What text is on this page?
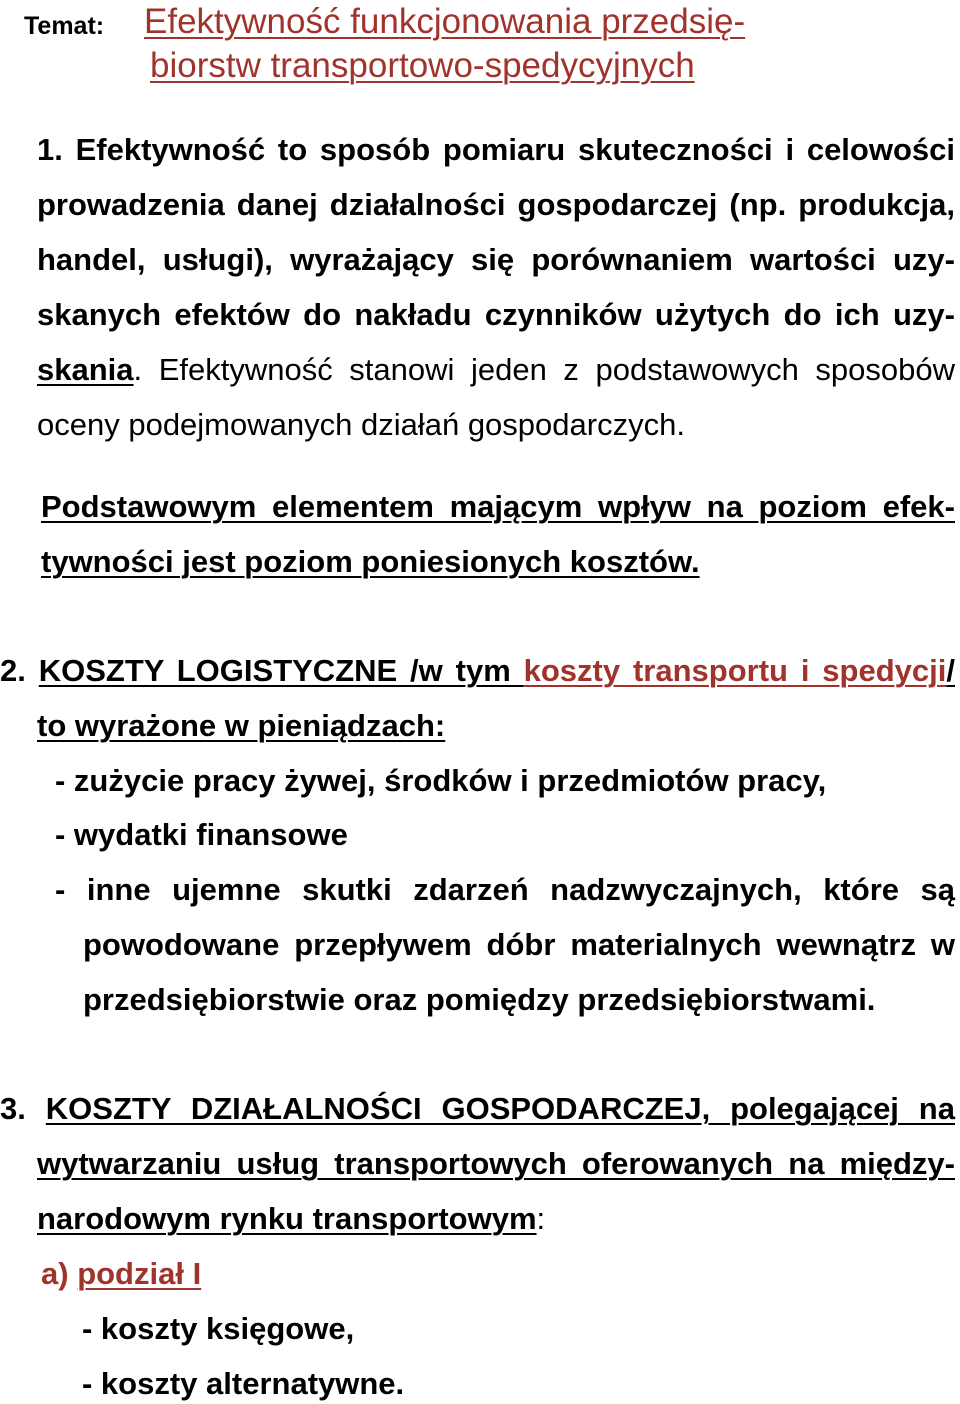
Temat: Efektywność funkcjonowania przedsię-
biorstw transportowo-spedycyjnych
1. Efektywność to sposób pomiaru skuteczności i celowości
prowadzenia danej działalności gospodarczej (np. produkcja,
handel, usługi), wyrażający się porównaniem wartości uzy-
skanych efektów do nakładu czynników użytych do ich uzy-
skania. Efektywność stanowi jeden z podstawowych sposobów
oceny podejmowanych działań gospodarczych.
Podstawowym elementem mającym wpływ na poziom efek-
tywności jest poziom poniesionych kosztów.
2. KOSZTY LOGISTYCZNE /w tym koszty transportu i spedycji/
to wyrażone w pieniądzach:
- zużycie pracy żywej, środków i przedmiotów pracy,
- wydatki finansowe
- inne ujemne skutki zdarzeń nadzwyczajnych, które są
powodowane przepływem dóbr materialnych wewnątrz w
przedsiębiorstwie oraz pomiędzy przedsiębiorstwami.
3. KOSZTY DZIAŁALNOŚCI GOSPODARCZEJ, polegającej na
wytwarzaniu usług transportowych oferowanych na między-
narodowym rynku transportowym:
a) podział I
- koszty księgowe,
- koszty alternatywne.
